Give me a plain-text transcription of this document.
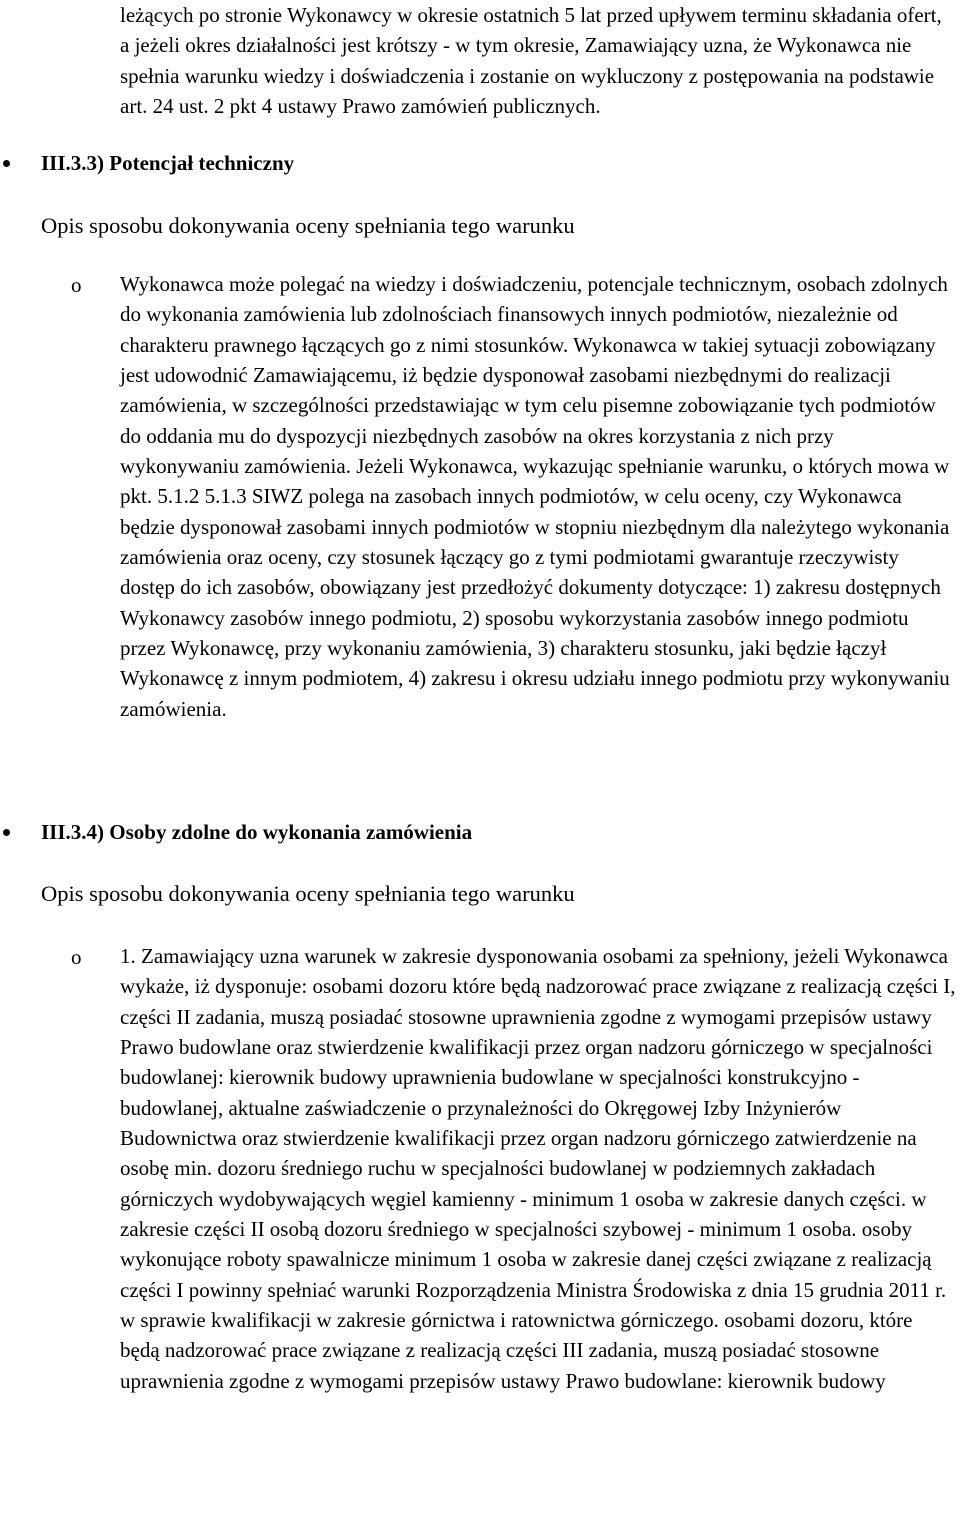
leżących po stronie Wykonawcy w okresie ostatnich 5 lat przed upływem terminu składania ofert, a jeżeli okres działalności jest krótszy - w tym okresie, Zamawiający uzna, że Wykonawca nie spełnia warunku wiedzy i doświadczenia i zostanie on wykluczony z postępowania na podstawie art. 24 ust. 2 pkt 4 ustawy Prawo zamówień publicznych.
III.3.3) Potencjał techniczny
Opis sposobu dokonywania oceny spełniania tego warunku
o Wykonawca może polegać na wiedzy i doświadczeniu, potencjale technicznym, osobach zdolnych do wykonania zamówienia lub zdolnościach finansowych innych podmiotów, niezależnie od charakteru prawnego łączących go z nimi stosunków. Wykonawca w takiej sytuacji zobowiązany jest udowodnić Zamawiającemu, iż będzie dysponował zasobami niezbędnymi do realizacji zamówienia, w szczególności przedstawiając w tym celu pisemne zobowiązanie tych podmiotów do oddania mu do dyspozycji niezbędnych zasobów na okres korzystania z nich przy wykonywaniu zamówienia. Jeżeli Wykonawca, wykazując spełnianie warunku, o których mowa w pkt. 5.1.2 5.1.3 SIWZ polega na zasobach innych podmiotów, w celu oceny, czy Wykonawca będzie dysponował zasobami innych podmiotów w stopniu niezbędnym dla należytego wykonania zamówienia oraz oceny, czy stosunek łączący go z tymi podmiotami gwarantuje rzeczywisty dostęp do ich zasobów, obowiązany jest przedłożyć dokumenty dotyczące: 1) zakresu dostępnych Wykonawcy zasobów innego podmiotu, 2) sposobu wykorzystania zasobów innego podmiotu przez Wykonawcę, przy wykonaniu zamówienia, 3) charakteru stosunku, jaki będzie łączył Wykonawcę z innym podmiotem, 4) zakresu i okresu udziału innego podmiotu przy wykonywaniu zamówienia.
III.3.4) Osoby zdolne do wykonania zamówienia
Opis sposobu dokonywania oceny spełniania tego warunku
o 1. Zamawiający uzna warunek w zakresie dysponowania osobami za spełniony, jeżeli Wykonawca wykaże, iż dysponuje: osobami dozoru które będą nadzorować prace związane z realizacją części I, części II zadania, muszą posiadać stosowne uprawnienia zgodne z wymogami przepisów ustawy Prawo budowlane oraz stwierdzenie kwalifikacji przez organ nadzoru górniczego w specjalności budowlanej: kierownik budowy uprawnienia budowlane w specjalności konstrukcyjno - budowlanej, aktualne zaświadczenie o przynależności do Okręgowej Izby Inżynierów Budownictwa oraz stwierdzenie kwalifikacji przez organ nadzoru górniczego zatwierdzenie na osobę min. dozoru średniego ruchu w specjalności budowlanej w podziemnych zakładach górniczych wydobywających węgiel kamienny - minimum 1 osoba w zakresie danych części. w zakresie części II osobą dozoru średniego w specjalności szybowej - minimum 1 osoba. osoby wykonujące roboty spawalnicze minimum 1 osoba w zakresie danej części związane z realizacją części I powinny spełniać warunki Rozporządzenia Ministra Środowiska z dnia 15 grudnia 2011 r. w sprawie kwalifikacji w zakresie górnictwa i ratownictwa górniczego. osobami dozoru, które będą nadzorować prace związane z realizacją części III zadania, muszą posiadać stosowne uprawnienia zgodne z wymogami przepisów ustawy Prawo budowlane: kierownik budowy
